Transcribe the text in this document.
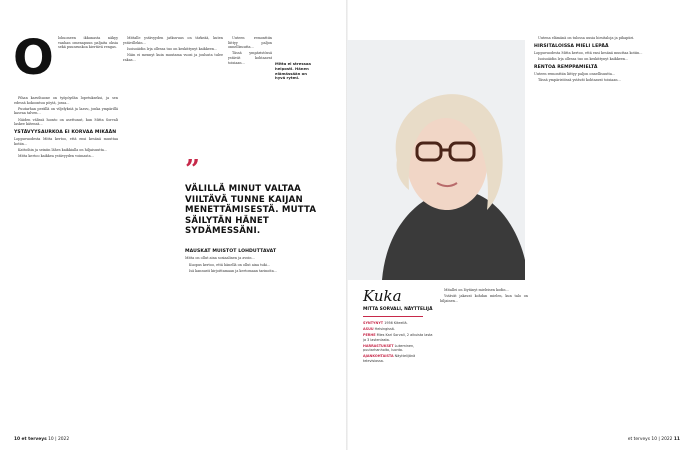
O lohuoneen ikkunasta näkyy vanhan omenapuun paljaita oksia sekä puunrunkoa kiertävä rengas.

Pihan kasvihuone on työpöydän lopetukseksi, ja sen edessä kokoontuu pöytä, jossa...

Puutarhan perällä on viljelyksiä ja laavu, jonka ympärillä kasvaa talven...

Näiden välissä luonto on asettunut, kun Mitta Sorvali laskee kätensä...

YSTÄVYYSAURKOA EI KORVAA MIKÄÄN

Loppuvuodesta Mitta kertoo, että ensi kesänä muuttaa kotiin...

Kattoihin ja seiniin lähes kaikkialla on hiljaisuutta...

Mitta kertoo kaikkea ystävyyden voimasta...

Mittalle ystävyyden jatkuvuus on tärkeää, kuten ystävillekin...

Isoisoäidin Irja ollessa tuo on keskittynyt kaikkeen...

Näin ei mennyt kuin muutama vuosi ja joulusta tulee rakas...

Uuteen remonttiin liittyy paljon onnellisuutta...

Tässä ympäristössä ystävät kohtaavat toisiaan...	Mitta ei stressaa helposti. Hänen elämässään on hyvä rytmi.
”
VÄLILLÄ MINUT VALTAA VIILTÄVÄ TUNNE KAIJAN MENETTÄMISESTÄ. MUTTA SÄILYTÄN HÄNET SYDÄMESSÄNI.
MAUSKAT MUISTOT LOHDUTTAVAT

Mitta on ollut aina sosiaalinen ja avoin...

Kuopus kertoo, että hänellä on ollut aina tuki...

Isä kannusti kirjoittamaan ja kertomaan tarinoita...

Kuka
MITTA SORVALI, NÄYTTELIJÄ
SYNTYNYT 1956 Kiteellä.
ASUU Helsingissä.
PERHE Mies Kari Sorvali, 2 aikuista lasta ja 3 lastenlasta.
HARRASTUKSET Lukeminen, puutarhanhoito, luonto.
AJANKOHTAISTA Näyttelijänä televisiossa.

Mitallei on löytänyt mieleisen kodin...

Ystävät jakavat kohdan mielen, kun talo on hiljainen...

Uutena elämänä on tulossa uusia hirsitaloja ja pihapiiri.

HIRSITALOISSA MIELI LEPÄÄ

Loppuvuodesta Mitta kertoo, että ensi kesänä muuttaa kotiin...

Isoisoäidin Irja ollessa tuo on keskittynyt kaikkeen...

RENTOA REMPPAMIELTÄ

Uuteen remonttiin liittyy paljon onnellisuutta...

Tässä ympäristössä ystävät kohtaavat toisiaan...

10 et terveys 10 | 2022	et terveys 10 | 2022 11
